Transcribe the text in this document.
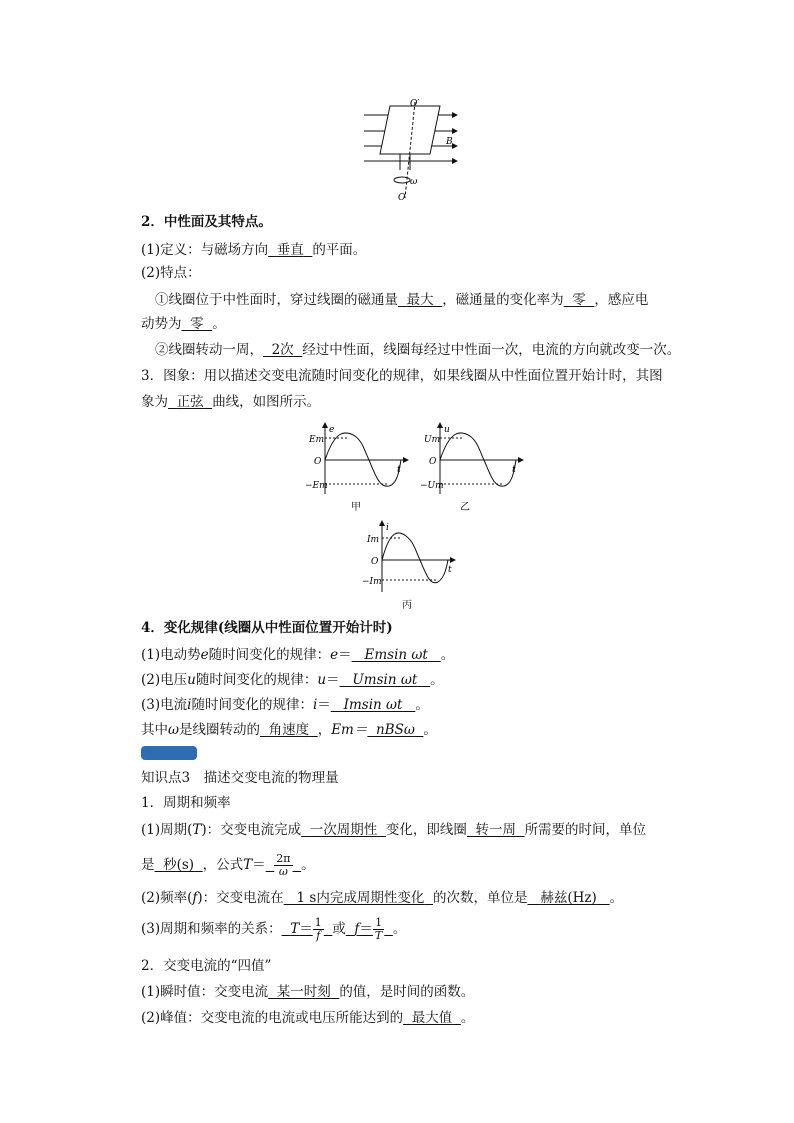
O′
B
ω
O
2．中性面及其特点。
(1)定义：与磁场方向 垂直 的平面。
(2)特点：
①线圈位于中性面时，穿过线圈的磁通量 最大 ，磁通量的变化率为 零 ，感应电
动势为 零 。
②线圈转动一周， 2次 经过中性面，线圈每经过中性面一次，电流的方向就改变一次。
3．图象：用以描述交变电流随时间变化的规律，如果线圈从中性面位置开始计时，其图
象为 正弦 曲线，如图所示。
e
Em
O
−Em
t
甲
u
Um
O
−Um
t
乙
i
Im
O
−Im
t
丙
4．变化规律(线圈从中性面位置开始计时)
(1)电动势e随时间变化的规律：e＝ Emsin ωt 。
(2)电压u随时间变化的规律：u＝ Umsin ωt 。
(3)电流i随时间变化的规律：i＝ Imsin ωt 。
其中ω是线圈转动的 角速度 ，Em＝ nBSω 。
知识点3　描述交变电流的物理量
1．周期和频率
(1)周期(T)：交变电流完成 一次周期性 变化，即线圈 转一周 所需要的时间，单位
是 秒(s) ，公式$T= \frac{2\pi}{\omega}$ 。
(2)频率(f)：交变电流在 1 s内完成周期性变化 的次数，单位是 赫兹(Hz) 。
(3)周期和频率的关系： $T= \frac{1}{f}$ 或 $f= \frac{1}{T}$ 。
2．交变电流的“四值”
(1)瞬时值：交变电流 某一时刻 的值，是时间的函数。
(2)峰值：交变电流的电流或电压所能达到的 最大值 。
